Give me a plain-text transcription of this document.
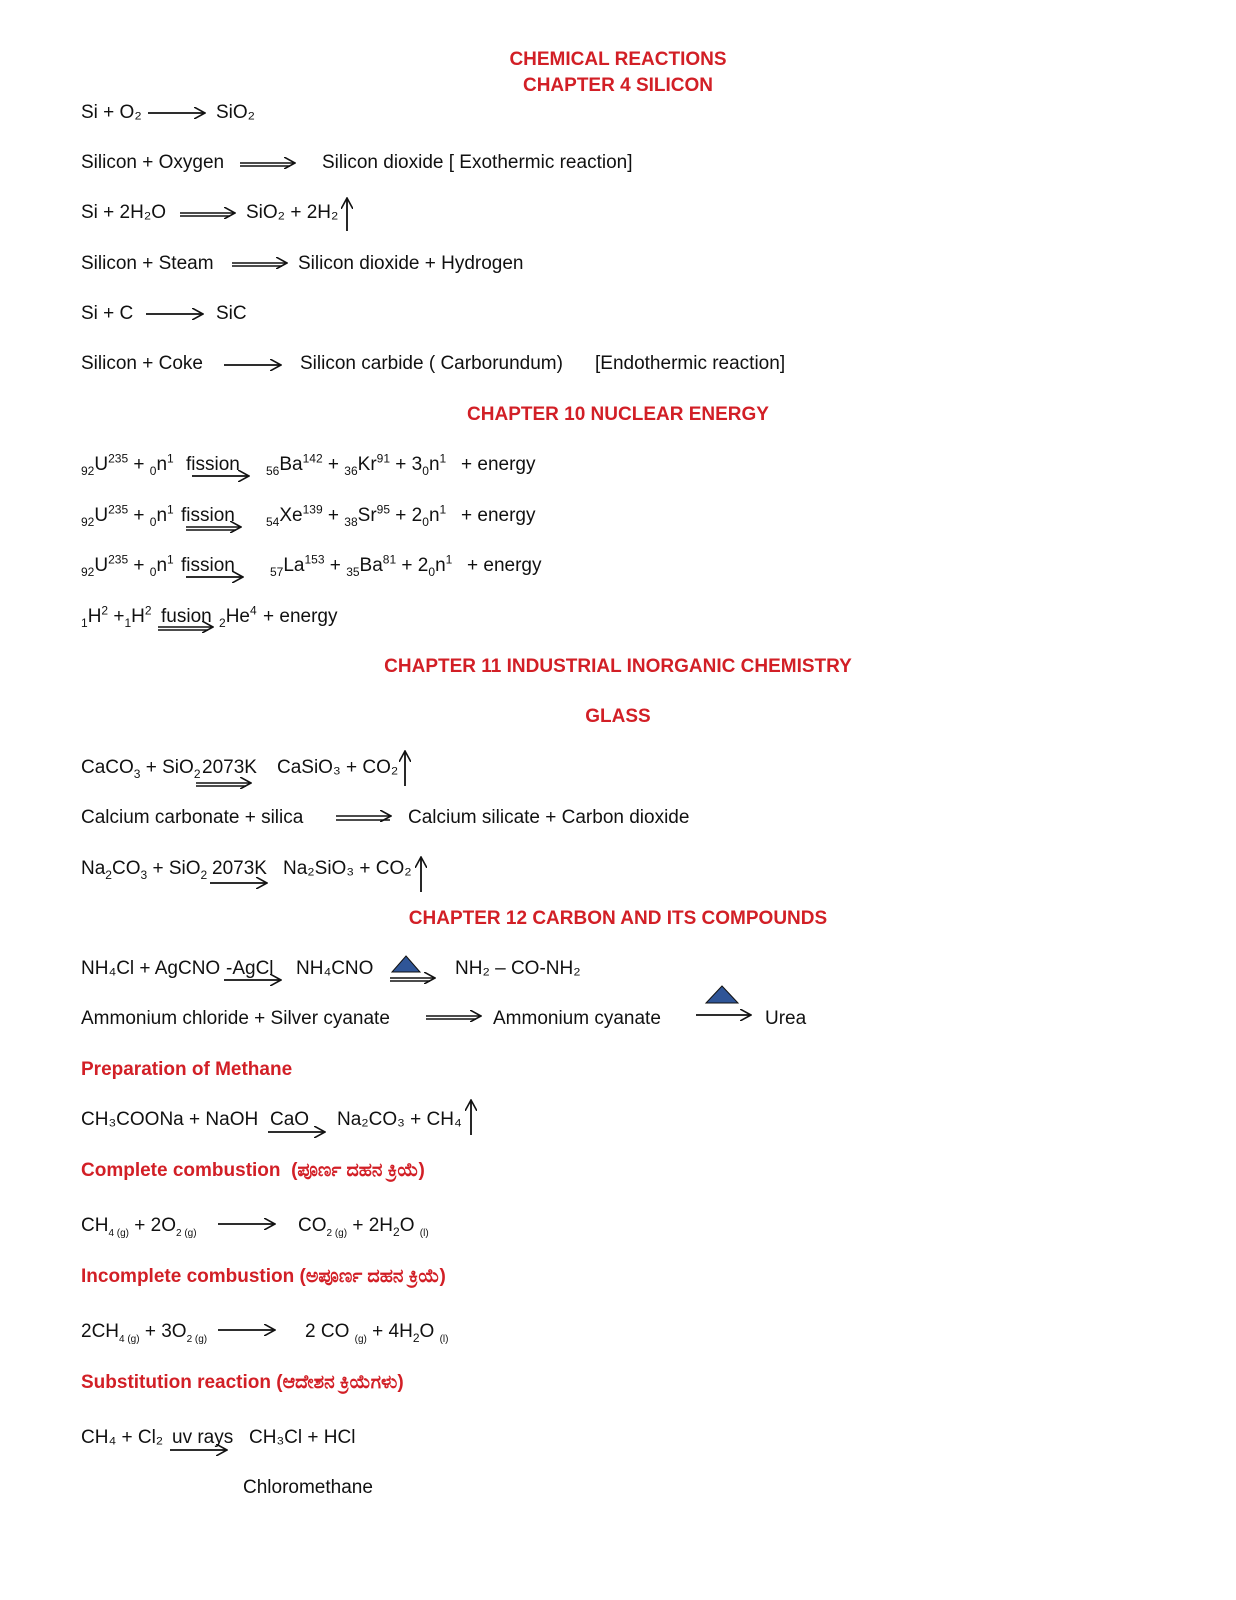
CHEMICAL REACTIONS
CHAPTER 4 SILICON
Si + O₂	SiO₂
Silicon + Oxygen	Silicon dioxide [ Exothermic reaction]
Si + 2H₂O	SiO₂ + 2H₂
Silicon + Steam	Silicon dioxide + Hydrogen
Si + C	SiC
Silicon + Coke	Silicon carbide ( Carborundum) [Endothermic reaction]
CHAPTER 10 NUCLEAR ENERGY
$_{92}U^{235} + _0n^1$ fission $_{56}Ba^{142} + _{36}Kr^{91} + 3_0n^1$ + energy
$_{92}U^{235} + _0n^1$ fission	$_{54}Xe^{139} + _{38}Sr^{95} + 2_0n^1$ + energy
$_{92}U^{235} + _0n^1$ fission	$_{57}La^{153} + _{35}Ba^{81} + 2_0n^1$ + energy
$_1H^2 +_1H^2$ fusion $_2He^4$ + energy
CHAPTER 11 INDUSTRIAL INORGANIC CHEMISTRY
GLASS
CaCO$_3$ + SiO$_2$ 2073K CaSiO₃ + CO₂
Calcium carbonate + silica	Calcium silicate + Carbon dioxide
$Na_2CO_3 + SiO_2$ 2073K Na₂SiO₃ + CO₂
CHAPTER 12 CARBON AND ITS COMPOUNDS
NH₄Cl + AgCNO -AgCl NH₄CNO	NH₂ – CO-NH₂
Ammonium chloride + Silver cyanate	Ammonium cyanate	Urea
Preparation of Methane
CH₃COONa + NaOH CaO Na₂CO₃ + CH₄
Complete combustion (ಪೂರ್ಣ ದಹನ ಕ್ರಿಯೆ)
$CH_{4 (g)} + 2O_{2 (g)}$	$CO_{2 (g)} + 2H_2O$ $_{(l)}$
Incomplete combustion (ಅಪೂರ್ಣ ದಹನ ಕ್ರಿಯೆ)
$2CH_{4 (g)} + 3O_{2 (g)}$	2 CO $_{(g)} + 4H_2O$ $_{(l)}$
Substitution reaction (ಆದೇಶನ ಕ್ರಿಯೆಗಳು)
CH₄ + Cl₂ uv rays CH₃Cl + HCl
Chloromethane
